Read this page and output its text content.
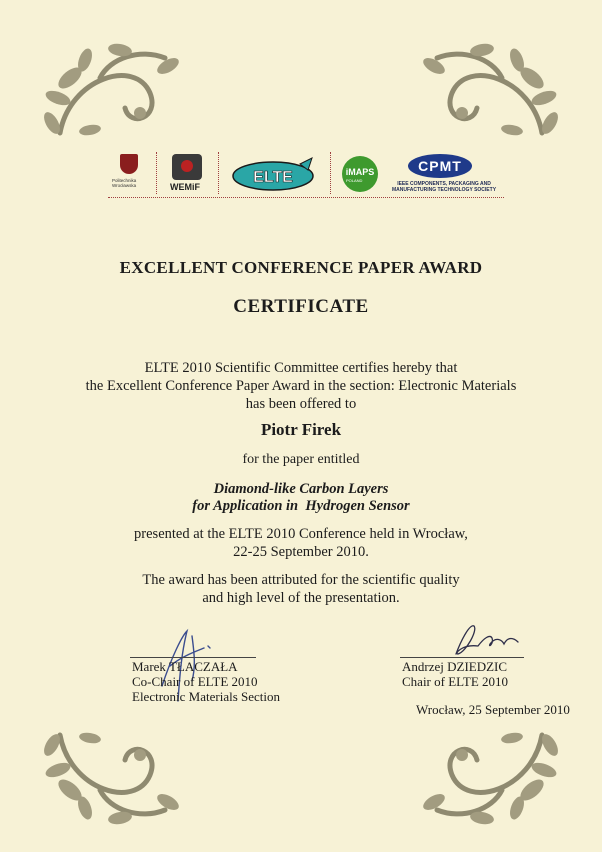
Politechnika Wrocławska	WEMiF
ELTE	iMAPS
POLAND
CPMT
IEEE COMPONENTS, PACKAGING AND MANUFACTURING TECHNOLOGY SOCIETY
EXCELLENT CONFERENCE PAPER AWARD
CERTIFICATE
ELTE 2010 Scientific Committee certifies hereby that
the Excellent Conference Paper Award in the section: Electronic Materials
has been offered to
Piotr Firek
for the paper entitled
Diamond-like Carbon Layers
for Application in  Hydrogen Sensor
presented at the ELTE 2010 Conference held in Wrocław,
22-25 September 2010.
The award has been attributed for the scientific quality
and high level of the presentation.
Marek TŁACZAŁA
Co-Chair of ELTE 2010
Electronic Materials Section
Andrzej DZIEDZIC
Chair of ELTE 2010
Wrocław, 25 September 2010
